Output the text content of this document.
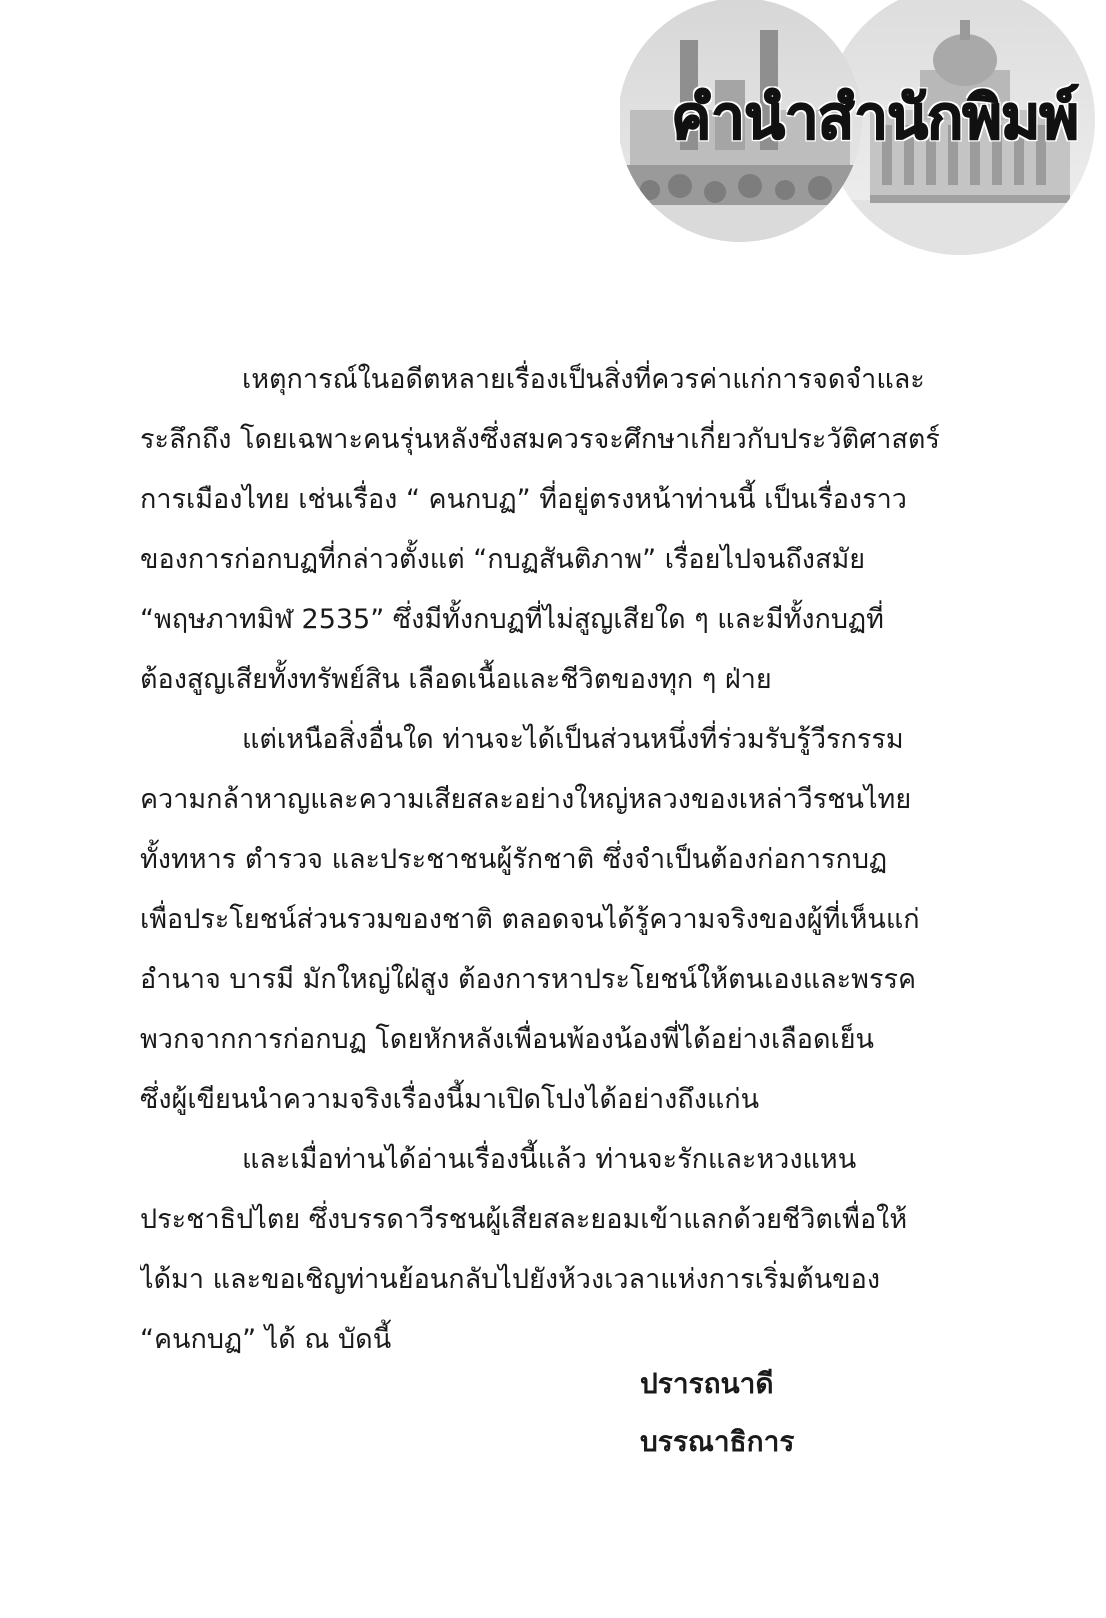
คำนำสำนักพิมพ์

เหตุการณ์ในอดีตหลายเรื่องเป็นสิ่งที่ควรค่าแก่การจดจำและ
ระลึกถึง โดยเฉพาะคนรุ่นหลังซึ่งสมควรจะศึกษาเกี่ยวกับประวัติศาสตร์
การเมืองไทย เช่นเรื่อง “ คนกบฏ” ที่อยู่ตรงหน้าท่านนี้ เป็นเรื่องราว
ของการก่อกบฏที่กล่าวตั้งแต่ “กบฏสันติภาพ” เรื่อยไปจนถึงสมัย
“พฤษภาทมิฬ 2535” ซึ่งมีทั้งกบฏที่ไม่สูญเสียใด ๆ และมีทั้งกบฏที่
ต้องสูญเสียทั้งทรัพย์สิน เลือดเนื้อและชีวิตของทุก ๆ ฝ่าย

แต่เหนือสิ่งอื่นใด ท่านจะได้เป็นส่วนหนึ่งที่ร่วมรับรู้วีรกรรม
ความกล้าหาญและความเสียสละอย่างใหญ่หลวงของเหล่าวีรชนไทย
ทั้งทหาร ตำรวจ และประชาชนผู้รักชาติ ซึ่งจำเป็นต้องก่อการกบฏ
เพื่อประโยชน์ส่วนรวมของชาติ ตลอดจนได้รู้ความจริงของผู้ที่เห็นแก่
อำนาจ บารมี มักใหญ่ใฝ่สูง ต้องการหาประโยชน์ให้ตนเองและพรรค
พวกจากการก่อกบฏ โดยหักหลังเพื่อนพ้องน้องพี่ได้อย่างเลือดเย็น
ซึ่งผู้เขียนนำความจริงเรื่องนี้มาเปิดโปงได้อย่างถึงแก่น

และเมื่อท่านได้อ่านเรื่องนี้แล้ว ท่านจะรักและหวงแหน
ประชาธิปไตย ซึ่งบรรดาวีรชนผู้เสียสละยอมเข้าแลกด้วยชีวิตเพื่อให้
ได้มา และขอเชิญท่านย้อนกลับไปยังห้วงเวลาแห่งการเริ่มต้นของ
“คนกบฏ” ได้ ณ บัดนี้

ปรารถนาดี
บรรณาธิการ
